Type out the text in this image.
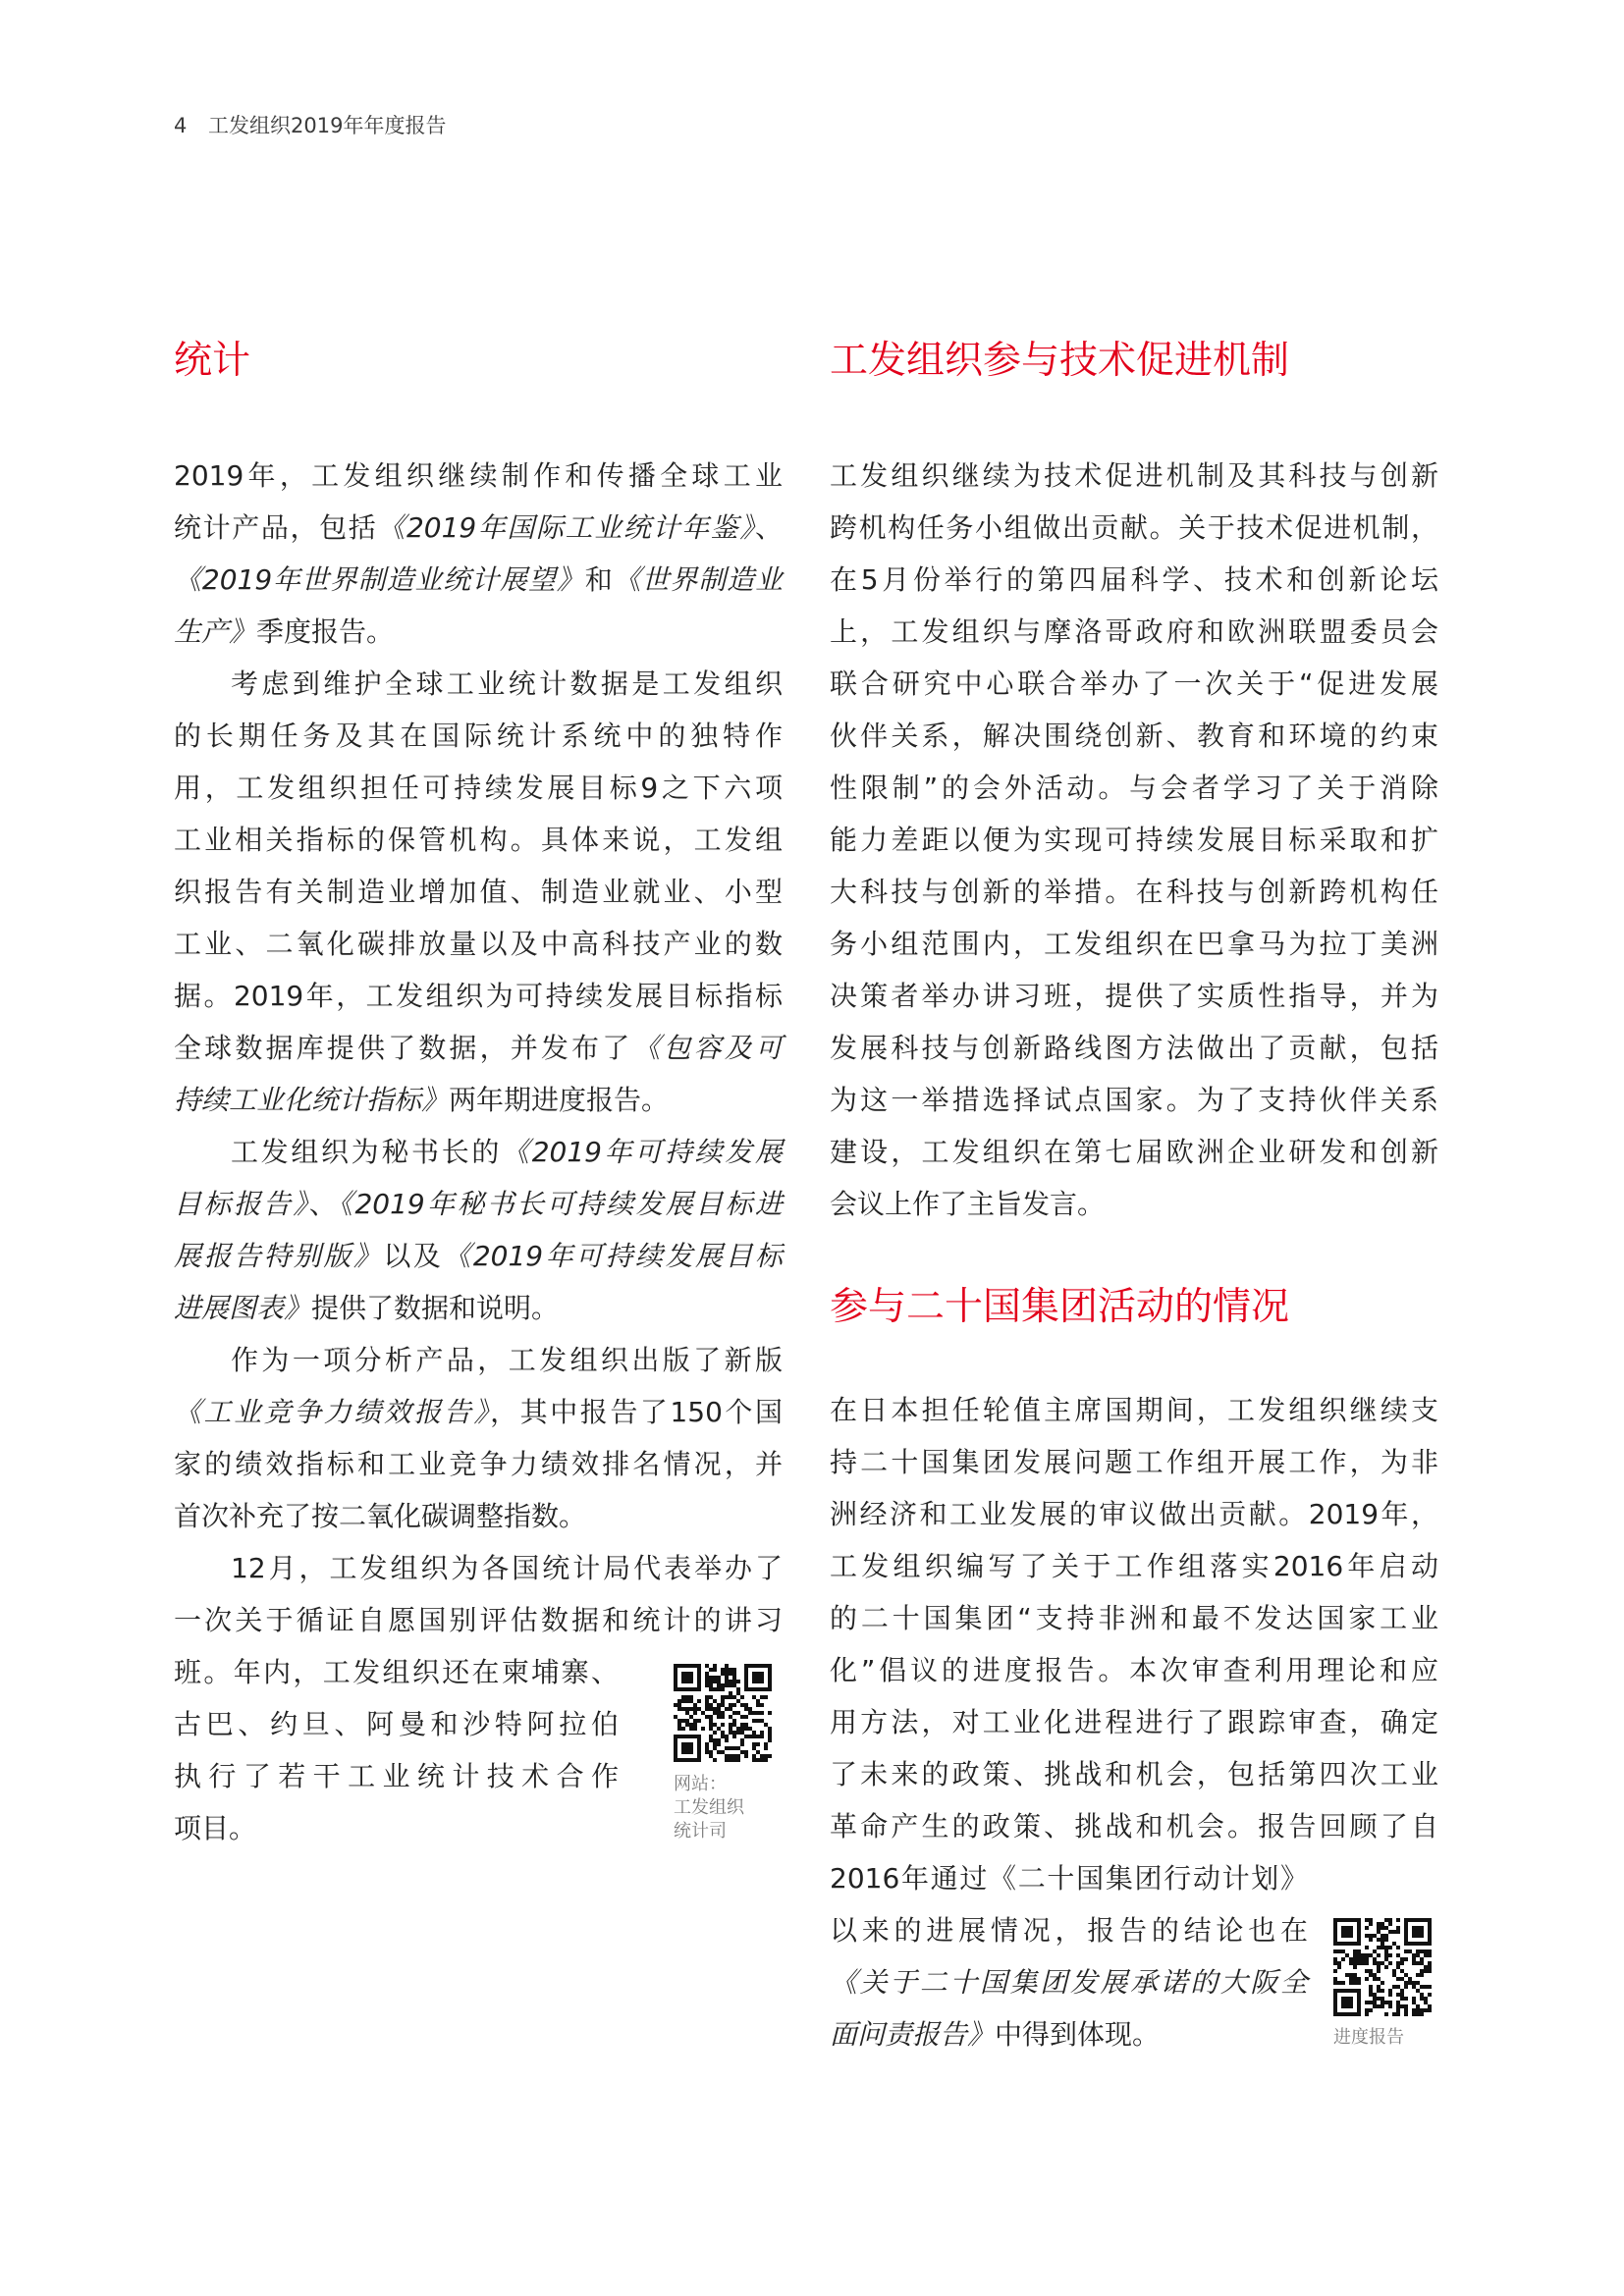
4 工发组织2019年年度报告
统计
2019年，工发组织继续制作和传播全球工业
统计产品，包括《2019年国际工业统计年鉴》、
《2019年世界制造业统计展望》和《世界制造业
生产》季度报告。
考虑到维护全球工业统计数据是工发组织
的长期任务及其在国际统计系统中的独特作
用，工发组织担任可持续发展目标9之下六项
工业相关指标的保管机构。具体来说，工发组
织报告有关制造业增加值、制造业就业、小型
工业、二氧化碳排放量以及中高科技产业的数
据。2019年，工发组织为可持续发展目标指标
全球数据库提供了数据，并发布了《包容及可
持续工业化统计指标》两年期进度报告。
工发组织为秘书长的《2019年可持续发展
目标报告》、《2019年秘书长可持续发展目标进
展报告特别版》以及《2019年可持续发展目标
进展图表》提供了数据和说明。
作为一项分析产品，工发组织出版了新版
《工业竞争力绩效报告》，其中报告了150个国
家的绩效指标和工业竞争力绩效排名情况，并
首次补充了按二氧化碳调整指数。
12月，工发组织为各国统计局代表举办了
一次关于循证自愿国别评估数据和统计的讲习
班。年内，工发组织还在柬埔寨、
古巴、约旦、阿曼和沙特阿拉伯
执行了若干工业统计技术合作
项目。
网站：
工发组织
统计司
工发组织参与技术促进机制
工发组织继续为技术促进机制及其科技与创新
跨机构任务小组做出贡献。关于技术促进机制，
在5月份举行的第四届科学、技术和创新论坛
上，工发组织与摩洛哥政府和欧洲联盟委员会
联合研究中心联合举办了一次关于“促进发展
伙伴关系，解决围绕创新、教育和环境的约束
性限制”的会外活动。与会者学习了关于消除
能力差距以便为实现可持续发展目标采取和扩
大科技与创新的举措。在科技与创新跨机构任
务小组范围内，工发组织在巴拿马为拉丁美洲
决策者举办讲习班，提供了实质性指导，并为
发展科技与创新路线图方法做出了贡献，包括
为这一举措选择试点国家。为了支持伙伴关系
建设，工发组织在第七届欧洲企业研发和创新
会议上作了主旨发言。
参与二十国集团活动的情况
在日本担任轮值主席国期间，工发组织继续支
持二十国集团发展问题工作组开展工作，为非
洲经济和工业发展的审议做出贡献。2019年，
工发组织编写了关于工作组落实2016年启动
的二十国集团“支持非洲和最不发达国家工业
化”倡议的进度报告。本次审查利用理论和应
用方法，对工业化进程进行了跟踪审查，确定
了未来的政策、挑战和机会，包括第四次工业
革命产生的政策、挑战和机会。报告回顾了自
2016年通过《二十国集团行动计划》
以来的进展情况，报告的结论也在
《关于二十国集团发展承诺的大阪全
面问责报告》中得到体现。	进度报告
